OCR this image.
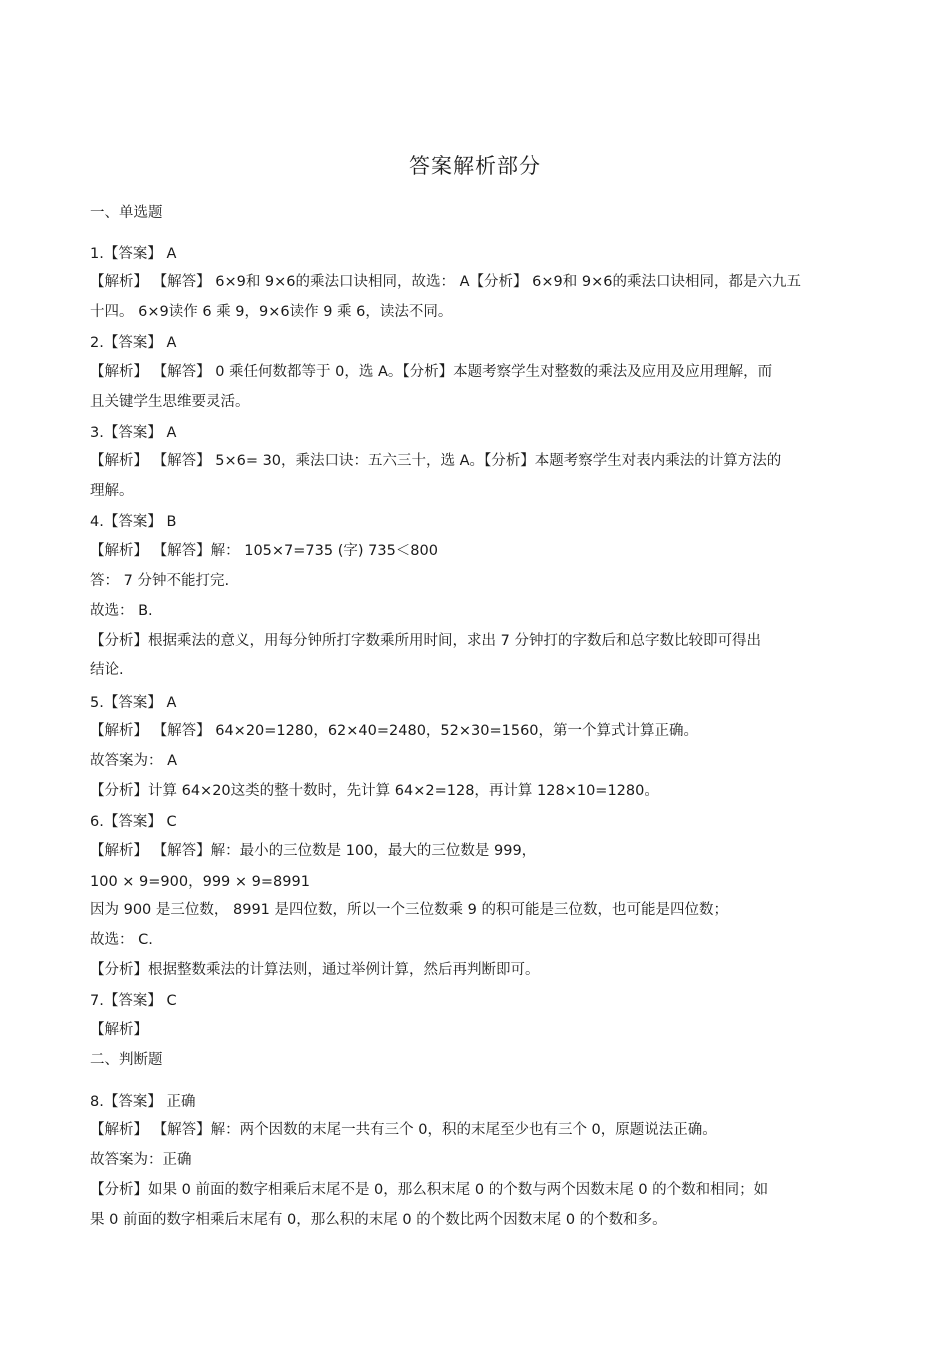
答案解析部分
一、单选题
1.【答案】 A
【解析】 【解答】 6×9和 9×6的乘法口诀相同，故选： A【分析】 6×9和 9×6的乘法口诀相同，都是六九五
十四。 6×9读作 6 乘 9，9×6读作 9 乘 6，读法不同。
2.【答案】 A
【解析】 【解答】 0 乘任何数都等于 0，选 A。【分析】本题考察学生对整数的乘法及应用及应用理解，而
且关键学生思维要灵活。
3.【答案】 A
【解析】 【解答】 5×6= 30，乘法口诀：五六三十，选 A。【分析】本题考察学生对表内乘法的计算方法的
理解。
4.【答案】 B
【解析】 【解答】解： 105×7=735 (字) 735＜800
答： 7 分钟不能打完.
故选： B.
【分析】根据乘法的意义，用每分钟所打字数乘所用时间，求出 7 分钟打的字数后和总字数比较即可得出
结论.
5.【答案】 A
【解析】 【解答】 64×20=1280，62×40=2480，52×30=1560，第一个算式计算正确。
故答案为： A
【分析】计算 64×20这类的整十数时，先计算 64×2=128，再计算 128×10=1280。
6.【答案】 C
【解析】 【解答】解：最小的三位数是 100，最大的三位数是 999，
100 × 9=900，999 × 9=8991
因为 900 是三位数， 8991 是四位数，所以一个三位数乘 9 的积可能是三位数，也可能是四位数；
故选： C.
【分析】根据整数乘法的计算法则，通过举例计算，然后再判断即可。
7.【答案】 C
【解析】
二、判断题
8.【答案】 正确
【解析】 【解答】解：两个因数的末尾一共有三个 0，积的末尾至少也有三个 0，原题说法正确。
故答案为：正确
【分析】如果 0 前面的数字相乘后末尾不是 0，那么积末尾 0 的个数与两个因数末尾 0 的个数和相同；如
果 0 前面的数字相乘后末尾有 0，那么积的末尾 0 的个数比两个因数末尾 0 的个数和多。
